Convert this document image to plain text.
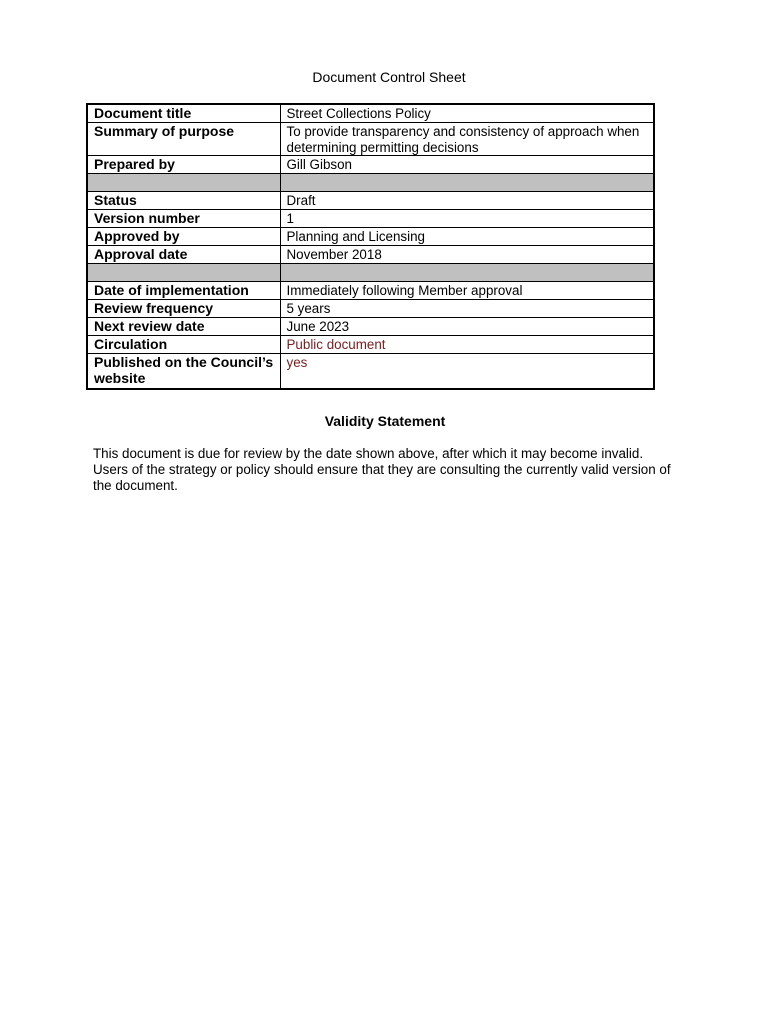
Document Control Sheet
Document title	Street Collections Policy
Summary of purpose	To provide transparency and consistency of approach when determining permitting decisions
Prepared by	Gill Gibson

Status	Draft
Version number	1
Approved by	Planning and Licensing
Approval date	November 2018

Date of implementation	Immediately following Member approval
Review frequency	5 years
Next review date	June 2023
Circulation	Public document
Published on the Council’s website	yes
Validity Statement
This document is due for review by the date shown above, after which it may become invalid. Users of the strategy or policy should ensure that they are consulting the currently valid version of the document.
